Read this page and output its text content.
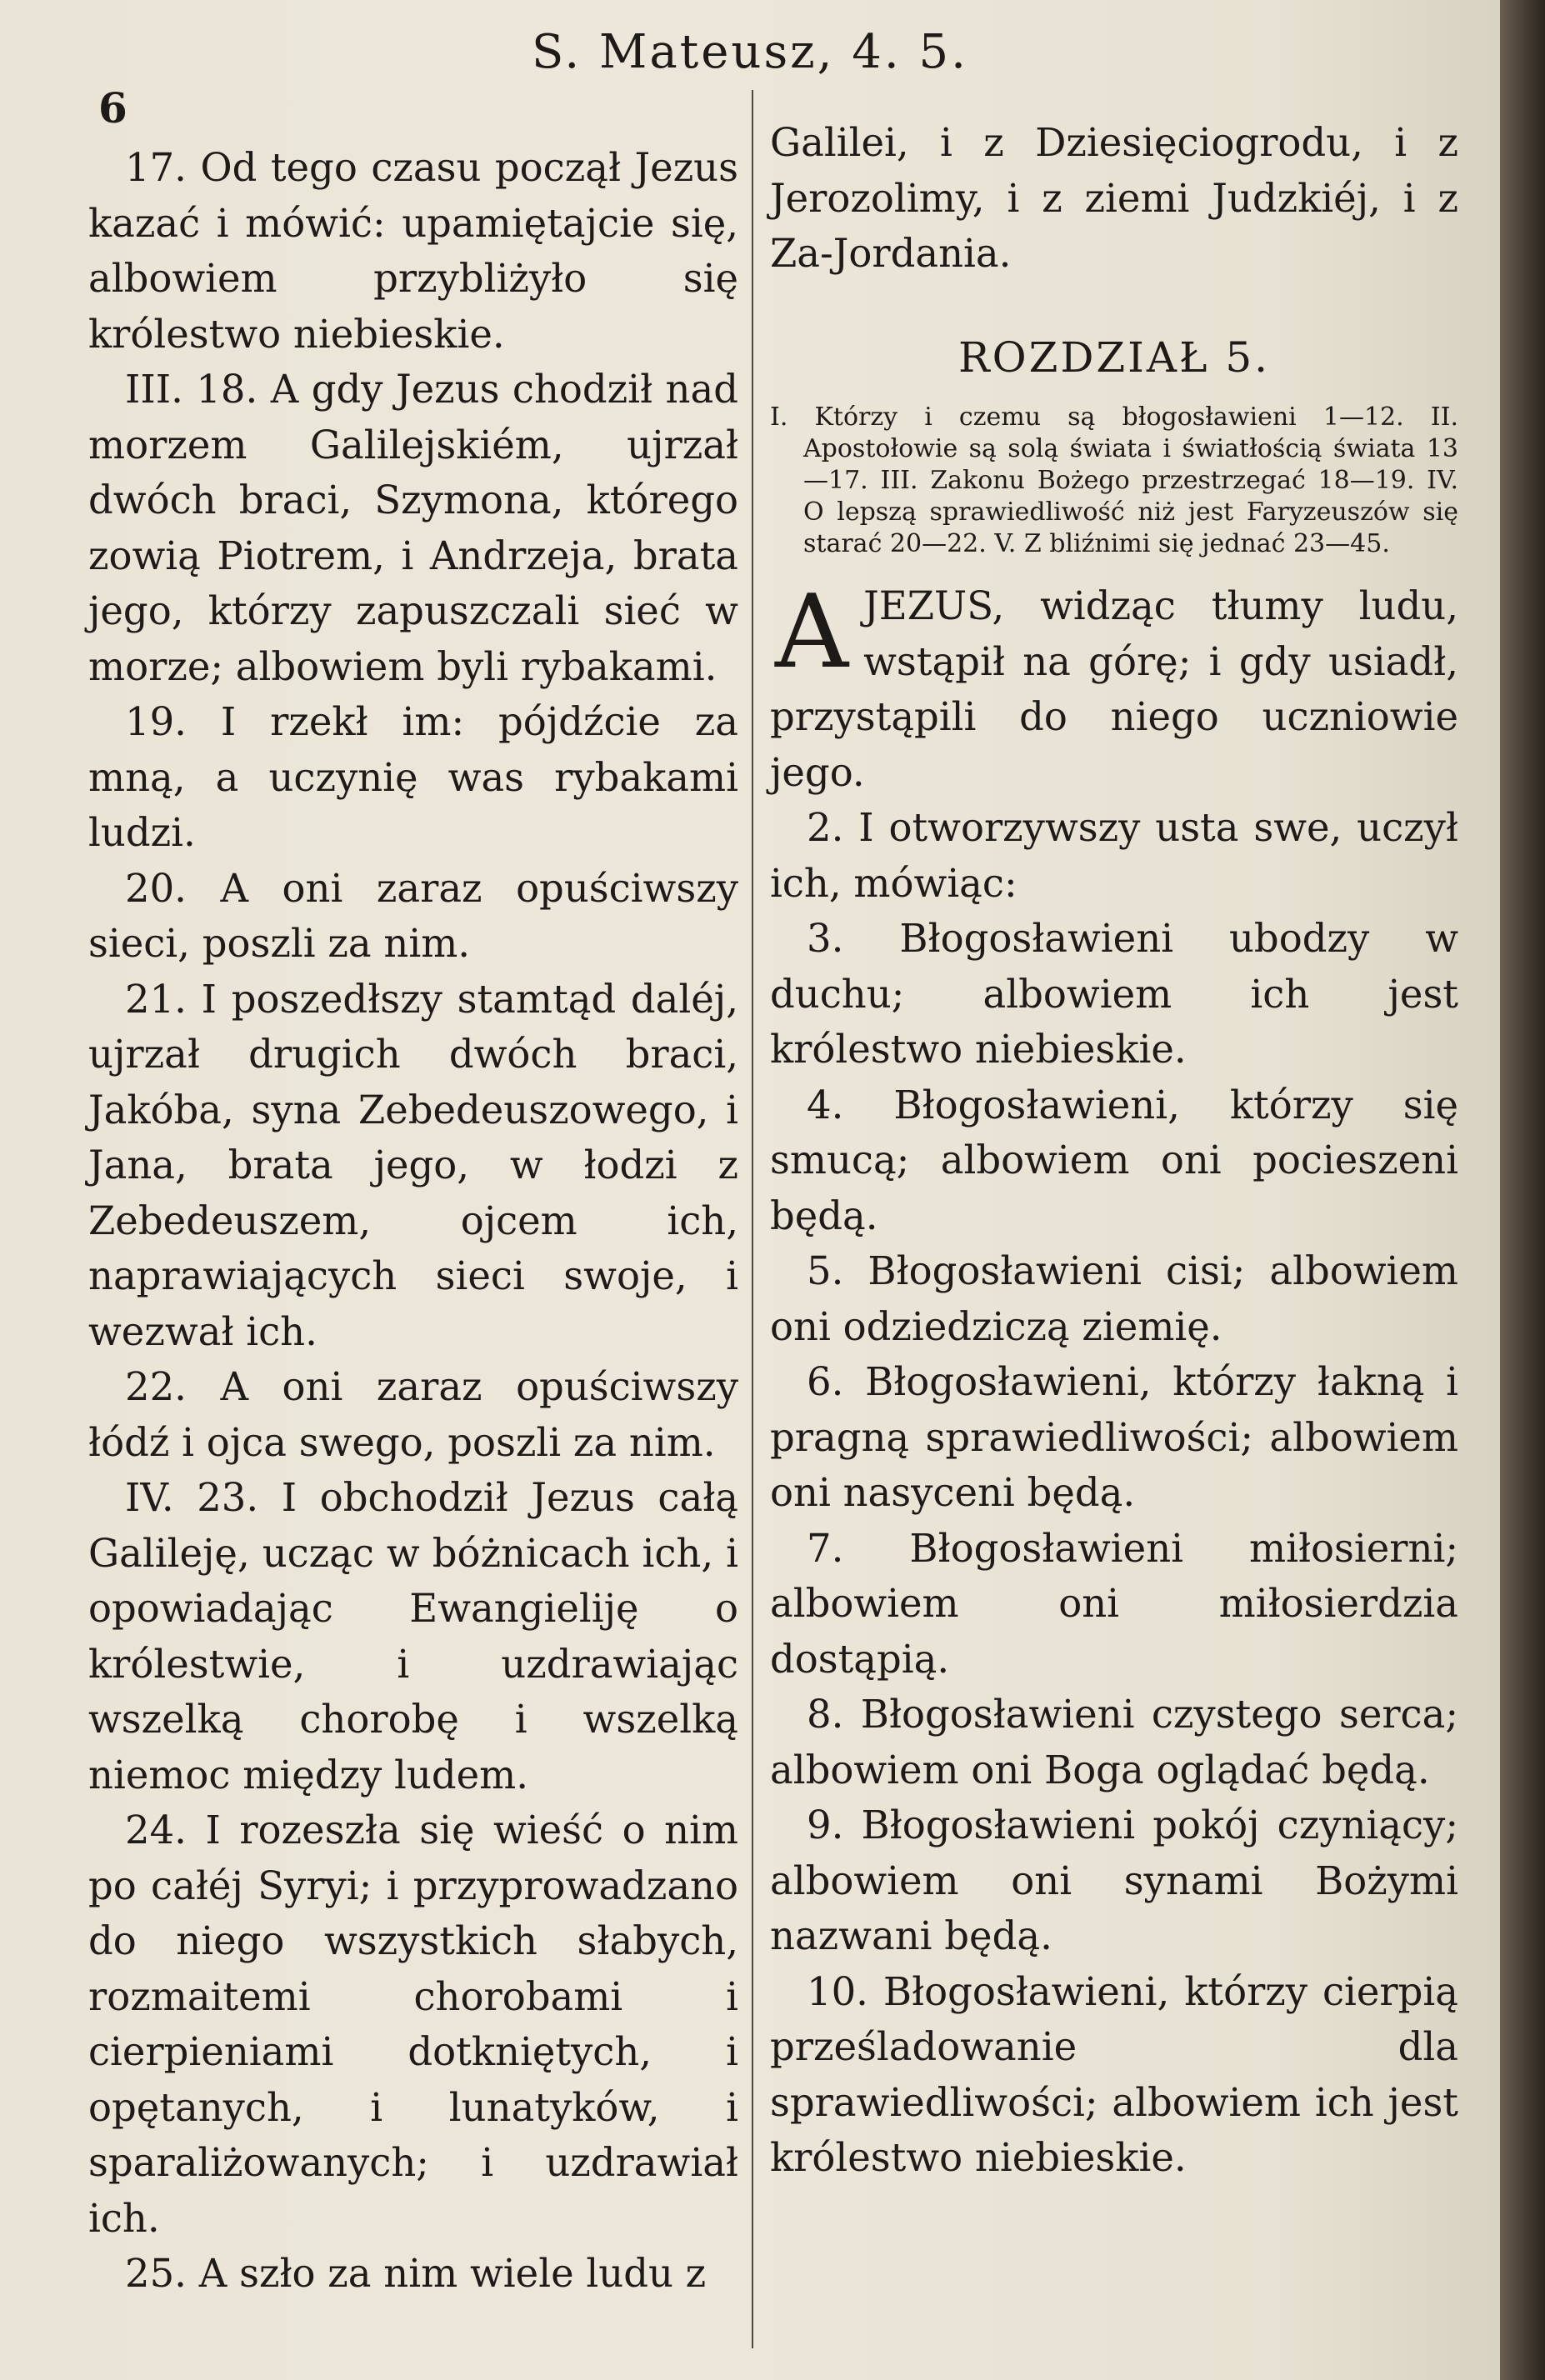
S. Mateusz, 4. 5.
6

17. Od tego czasu począł Jezus kazać i mówić: upamiętajcie się, albowiem przybliżyło się królestwo niebieskie.

III. 18. A gdy Jezus chodził nad morzem Galilejskiém, ujrzał dwóch braci, Szymona, którego zowią Piotrem, i Andrzeja, brata jego, którzy zapuszczali sieć w morze; albowiem byli rybakami.

19. I rzekł im: pójdźcie za mną, a uczynię was rybakami ludzi.

20. A oni zaraz opuściwszy sieci, poszli za nim.

21. I poszedłszy stamtąd daléj, ujrzał drugich dwóch braci, Jakóba, syna Zebedeuszowego, i Jana, brata jego, w łodzi z Zebedeuszem, ojcem ich, naprawiających sieci swoje, i wezwał ich.

22. A oni zaraz opuściwszy łódź i ojca swego, poszli za nim.

IV. 23. I obchodził Jezus całą Galileję, ucząc w bóżnicach ich, i opowiadając Ewangieliję o królestwie, i uzdrawiając wszelką chorobę i wszelką niemoc między ludem.

24. I rozeszła się wieść o nim po całéj Syryi; i przyprowadzano do niego wszystkich słabych, rozmaitemi chorobami i cierpieniami dotkniętych, i opętanych, i lunatyków, i sparaliżowanych; i uzdrawiał ich.

25. A szło za nim wiele ludu z

Galilei, i z Dziesięciogrodu, i z Jerozolimy, i z ziemi Judzkiéj, i z Za-Jordania.

ROZDZIAŁ 5.
I. Którzy i czemu są błogosławieni 1—12. II. Apostołowie są solą świata i światłością świata 13—17. III. Zakonu Bożego przestrzegać 18—19. IV. O lepszą sprawiedliwość niż jest Faryzeuszów się starać 20—22. V. Z bliźnimi się jednać 23—45.

AJEZUS, widząc tłumy ludu, wstąpił na górę; i gdy usiadł, przystąpili do niego uczniowie jego.

2. I otworzywszy usta swe, uczył ich, mówiąc:

3. Błogosławieni ubodzy w duchu; albowiem ich jest królestwo niebieskie.

4. Błogosławieni, którzy się smucą; albowiem oni pocieszeni będą.

5. Błogosławieni cisi; albowiem oni odziedziczą ziemię.

6. Błogosławieni, którzy łakną i pragną sprawiedliwości; albowiem oni nasyceni będą.

7. Błogosławieni miłosierni; albowiem oni miłosierdzia dostąpią.

8. Błogosławieni czystego serca; albowiem oni Boga oglądać będą.

9. Błogosławieni pokój czyniący; albowiem oni synami Bożymi nazwani będą.

10. Błogosławieni, którzy cierpią prześladowanie dla sprawiedliwości; albowiem ich jest królestwo niebieskie.
